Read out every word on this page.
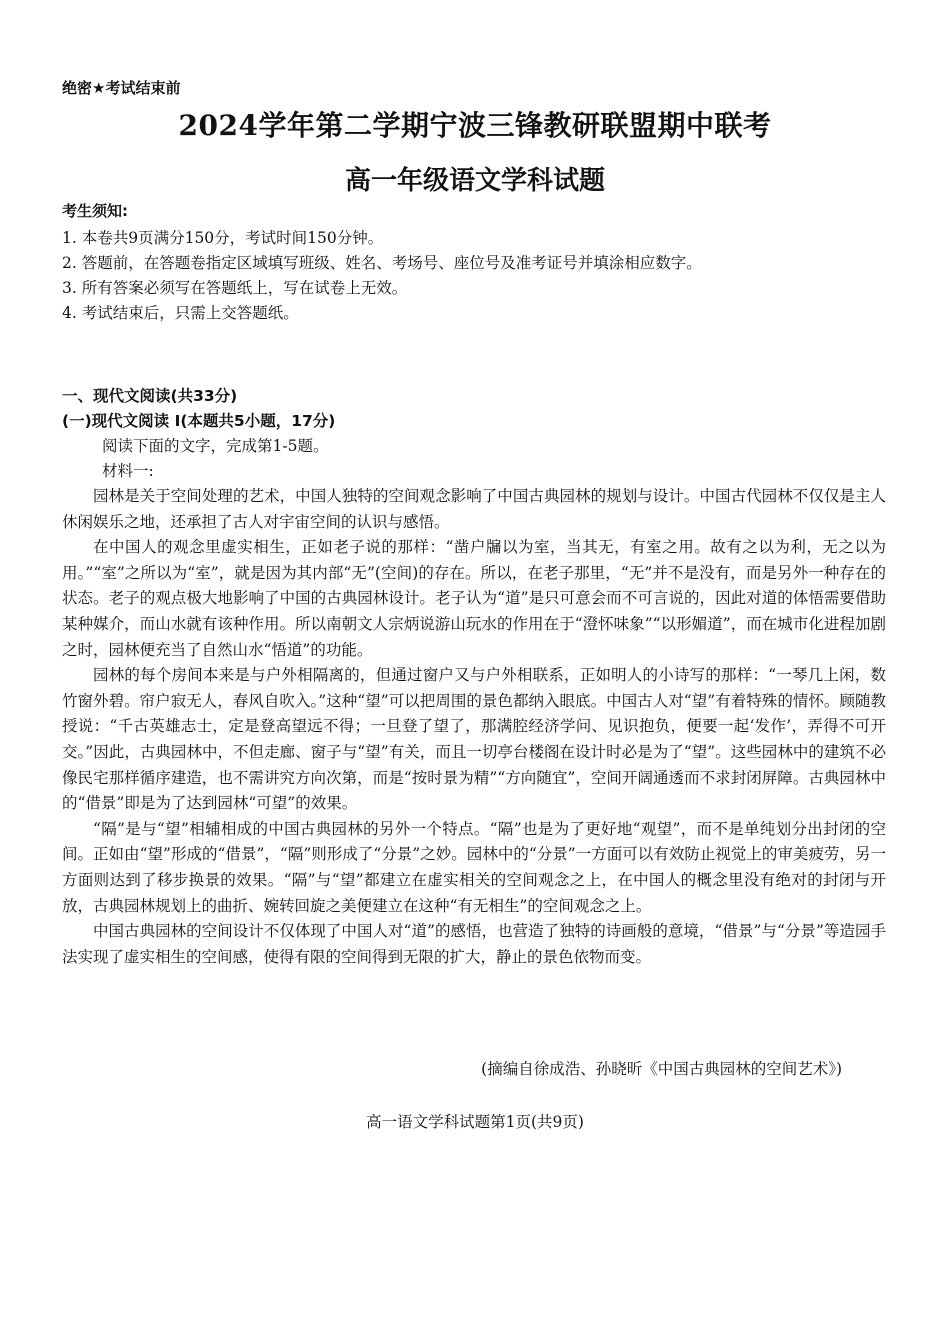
绝密★考试结束前
2024学年第二学期宁波三锋教研联盟期中联考
高一年级语文学科试题
考生须知:
1. 本卷共9页满分150分，考试时间150分钟。
2. 答题前，在答题卷指定区域填写班级、姓名、考场号、座位号及准考证号并填涂相应数字。
3. 所有答案必须写在答题纸上，写在试卷上无效。
4. 考试结束后，只需上交答题纸。
一、现代文阅读(共33分)
(一)现代文阅读 I(本题共5小题，17分)
阅读下面的文字，完成第1-5题。
材料一:

园林是关于空间处理的艺术，中国人独特的空间观念影响了中国古典园林的规划与设计。中国古代园林不仅仅是主人休闲娱乐之地，还承担了古人对宇宙空间的认识与感悟。

在中国人的观念里虚实相生，正如老子说的那样：“凿户牖以为室，当其无，有室之用。故有之以为利，无之以为用。”“室”之所以为“室”，就是因为其内部“无”(空间)的存在。所以，在老子那里，“无”并不是没有，而是另外一种存在的状态。老子的观点极大地影响了中国的古典园林设计。老子认为“道”是只可意会而不可言说的，因此对道的体悟需要借助某种媒介，而山水就有该种作用。所以南朝文人宗炳说游山玩水的作用在于“澄怀味象”“以形媚道”，而在城市化进程加剧之时，园林便充当了自然山水“悟道”的功能。

园林的每个房间本来是与户外相隔离的，但通过窗户又与户外相联系，正如明人的小诗写的那样：“一琴几上闲，数竹窗外碧。帘户寂无人，春风自吹入。”这种“望”可以把周围的景色都纳入眼底。中国古人对“望”有着特殊的情怀。顾随教授说：“千古英雄志士，定是登高望远不得；一旦登了望了，那满腔经济学问、见识抱负，便要一起‘发作’，弄得不可开交。”因此，古典园林中，不但走廊、窗子与“望”有关，而且一切亭台楼阁在设计时必是为了“望”。这些园林中的建筑不必像民宅那样循序建造，也不需讲究方向次第，而是“按时景为精”“方向随宜”，空间开阔通透而不求封闭屏障。古典园林中的“借景”即是为了达到园林“可望”的效果。

“隔”是与“望”相辅相成的中国古典园林的另外一个特点。“隔”也是为了更好地“观望”，而不是单纯划分出封闭的空间。正如由“望”形成的“借景”，“隔”则形成了“分景”之妙。园林中的“分景”一方面可以有效防止视觉上的审美疲劳，另一方面则达到了移步换景的效果。“隔”与“望”都建立在虚实相关的空间观念之上，在中国人的概念里没有绝对的封闭与开放，古典园林规划上的曲折、婉转回旋之美便建立在这种“有无相生”的空间观念之上。

中国古典园林的空间设计不仅体现了中国人对“道”的感悟，也营造了独特的诗画般的意境，“借景”与“分景”等造园手法实现了虚实相生的空间感，使得有限的空间得到无限的扩大，静止的景色依物而变。

(摘编自徐成浩、孙晓昕《中国古典园林的空间艺术》)
高一语文学科试题第1页(共9页)
